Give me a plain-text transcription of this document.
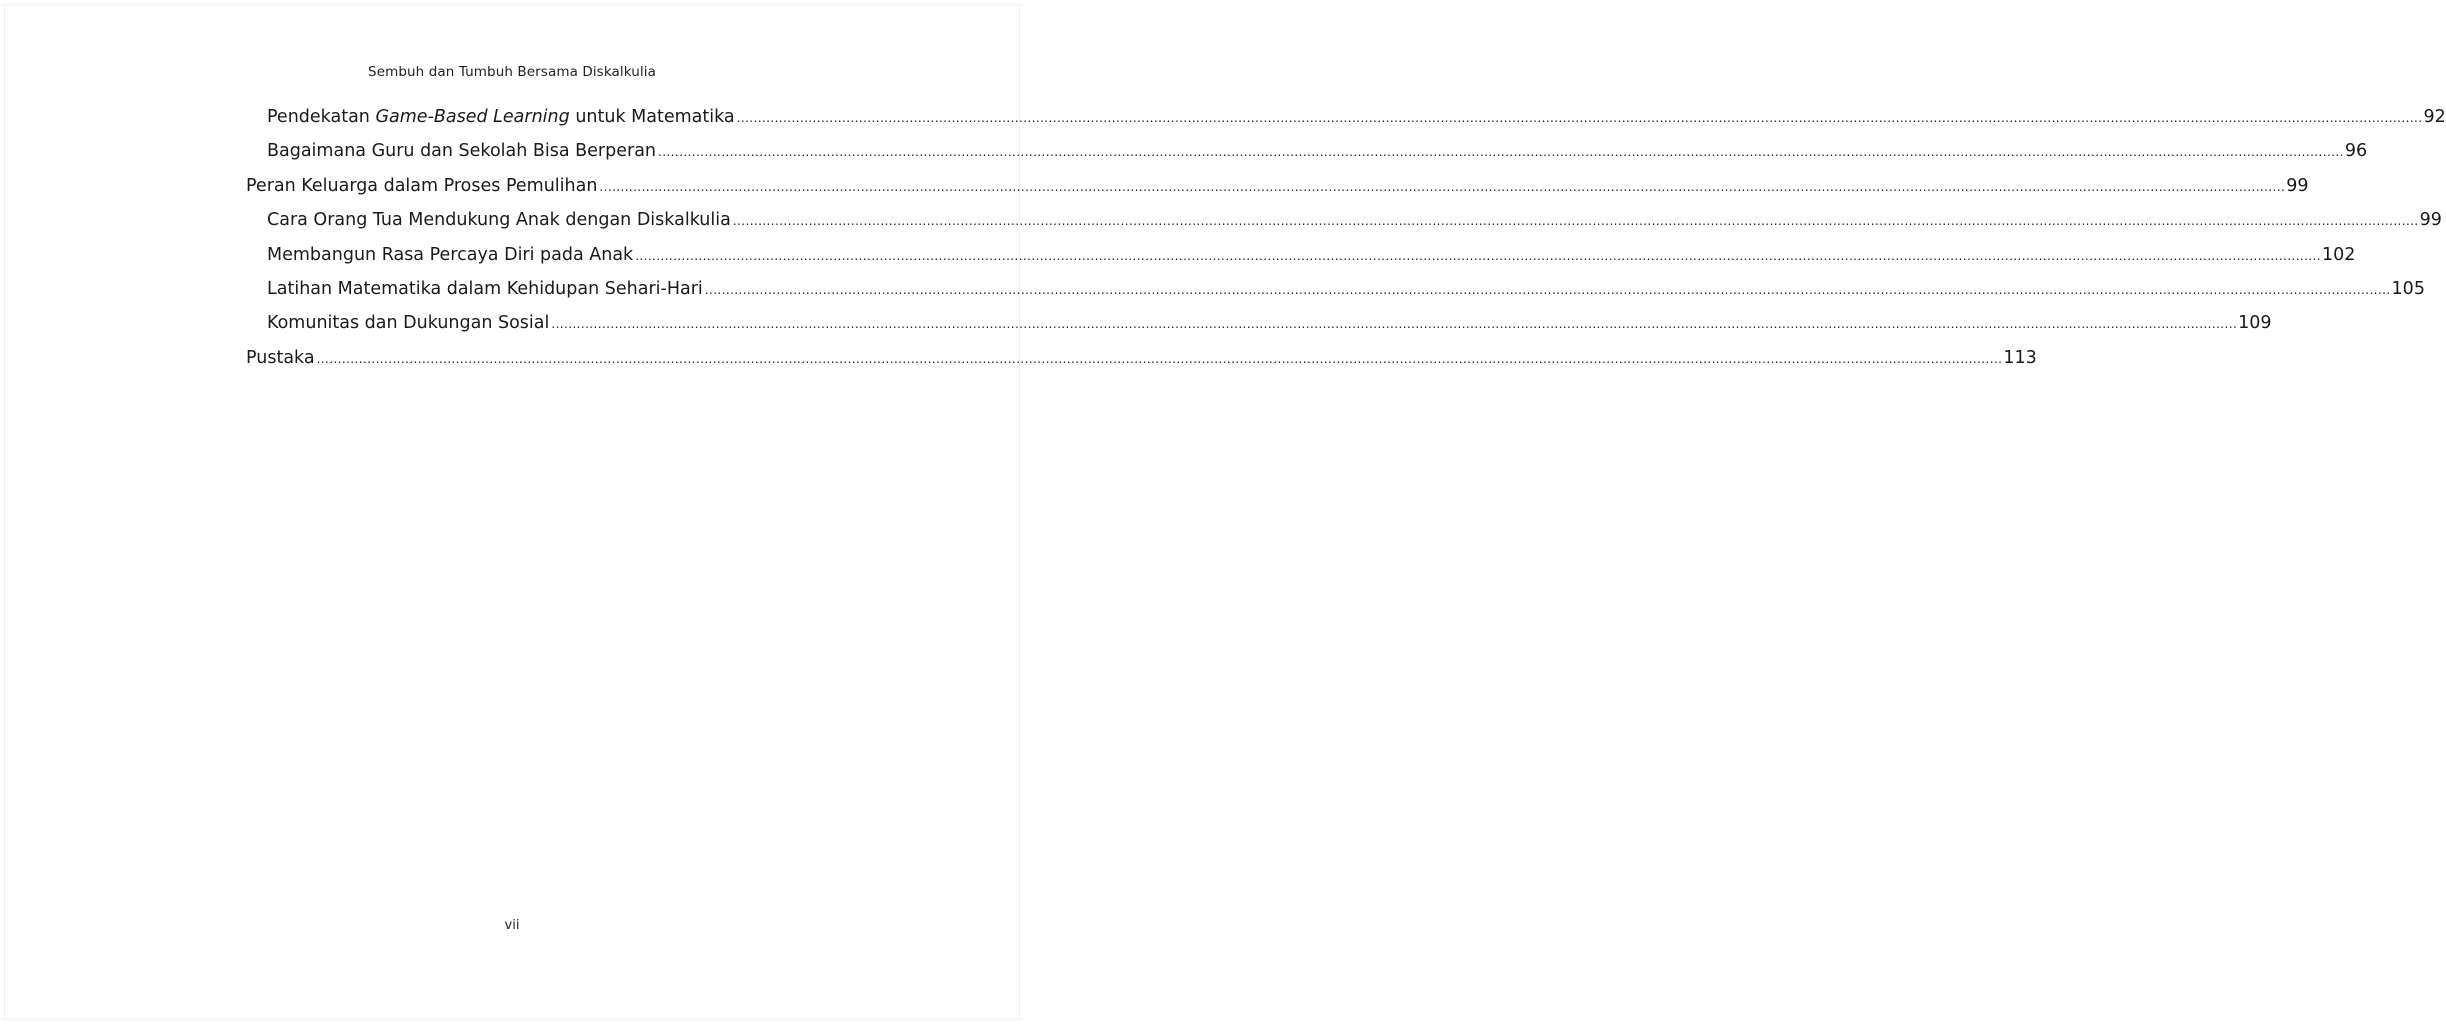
Sembuh dan Tumbuh Bersama Diskalkulia
Pendekatan Game-Based Learning untuk Matematika ................................................................................................................................................................................................................................................................................................................................................................................................................ 92
Bagaimana Guru dan Sekolah Bisa Berperan ................................................................................................................................................................................................................................................................................................................................................................................................................ 96
Peran Keluarga dalam Proses Pemulihan ................................................................................................................................................................................................................................................................................................................................................................................................................ 99
Cara Orang Tua Mendukung Anak dengan Diskalkulia ................................................................................................................................................................................................................................................................................................................................................................................................................ 99
Membangun Rasa Percaya Diri pada Anak ................................................................................................................................................................................................................................................................................................................................................................................................................ 102
Latihan Matematika dalam Kehidupan Sehari-Hari ................................................................................................................................................................................................................................................................................................................................................................................................................ 105
Komunitas dan Dukungan Sosial ................................................................................................................................................................................................................................................................................................................................................................................................................ 109
Pustaka ................................................................................................................................................................................................................................................................................................................................................................................................................ 113
vii
